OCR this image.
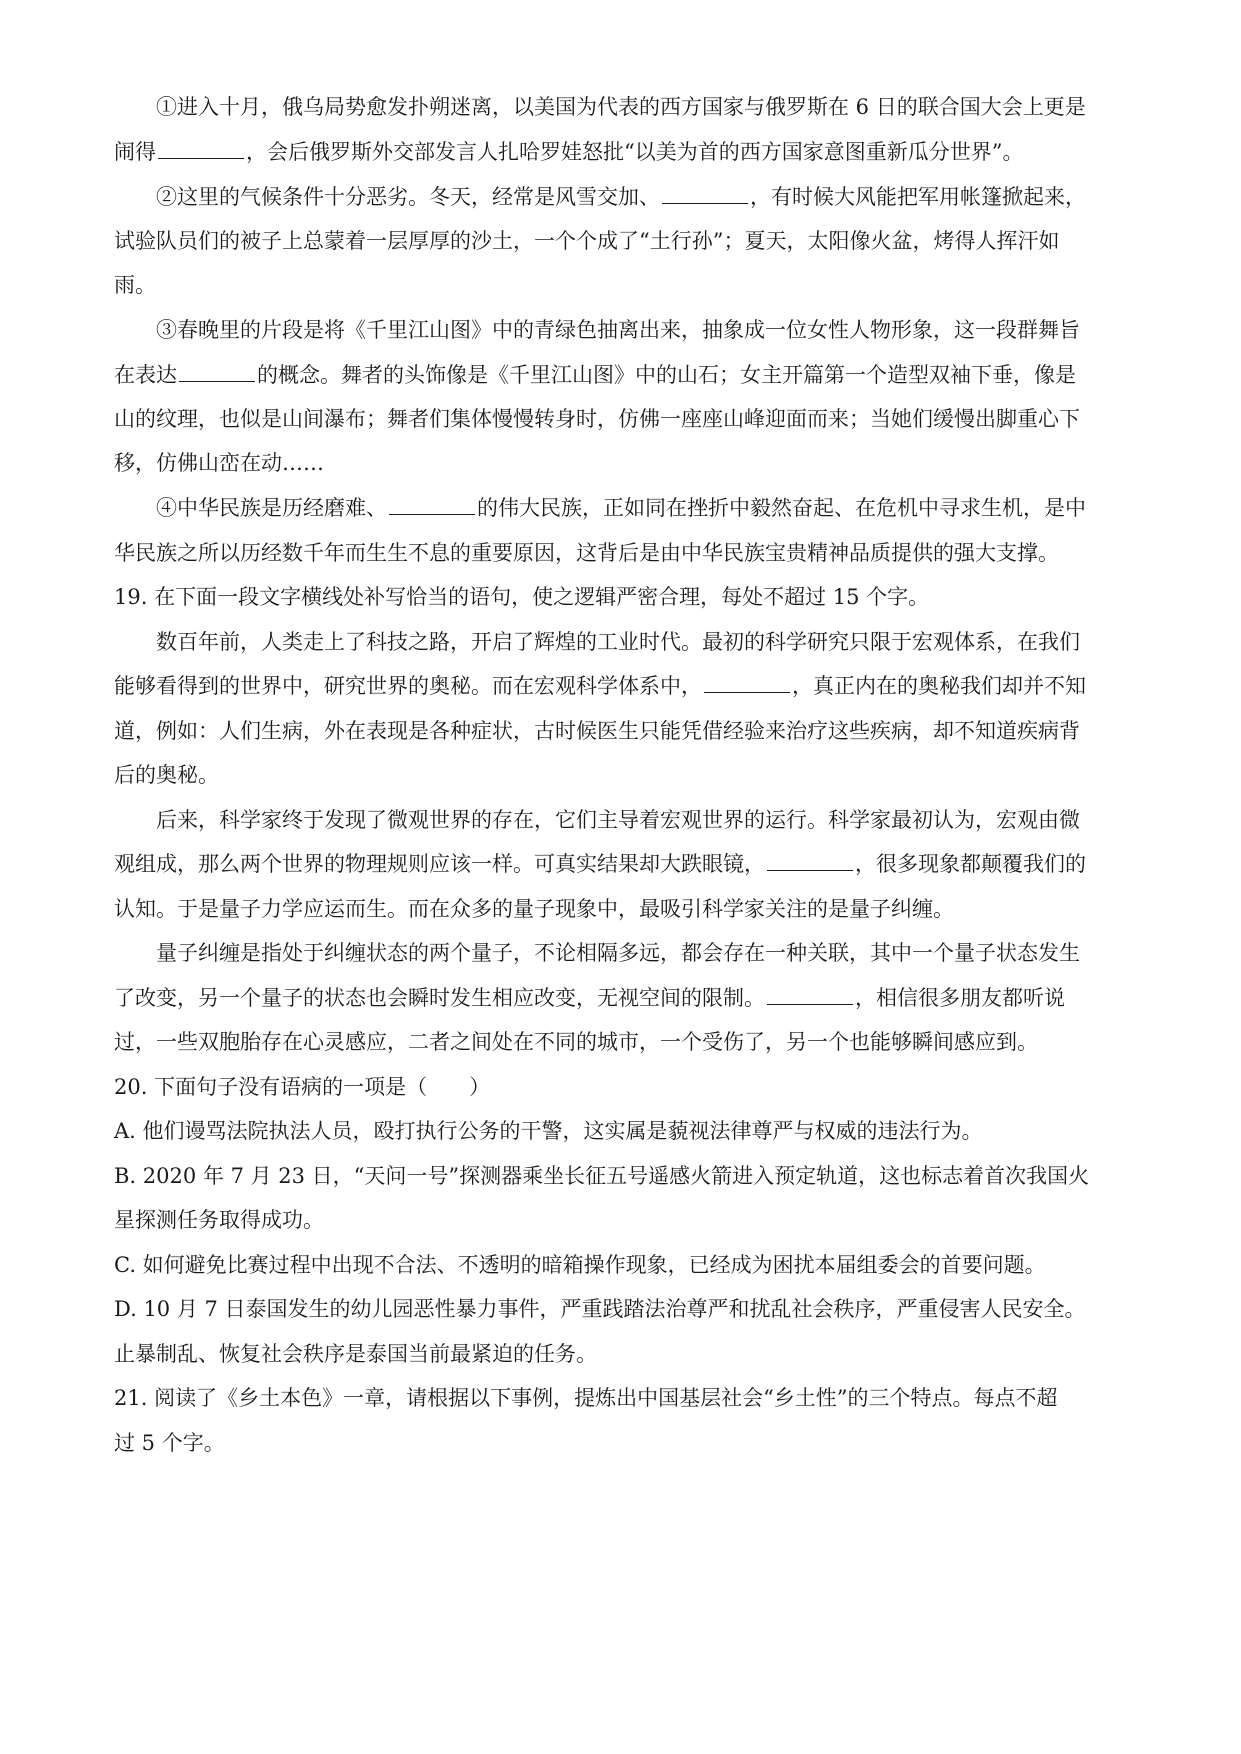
①进入十月，俄乌局势愈发扑朔迷离，以美国为代表的西方国家与俄罗斯在 6 日的联合国大会上更是
闹得	，会后俄罗斯外交部发言人扎哈罗娃怒批“以美为首的西方国家意图重新瓜分世界”。
②这里的气候条件十分恶劣。冬天，经常是风雪交加、	，有时候大风能把军用帐篷掀起来，
试验队员们的被子上总蒙着一层厚厚的沙土，一个个成了“土行孙”；夏天，太阳像火盆，烤得人挥汗如
雨。
③春晚里的片段是将《千里江山图》中的青绿色抽离出来，抽象成一位女性人物形象，这一段群舞旨
在表达	的概念。舞者的头饰像是《千里江山图》中的山石；女主开篇第一个造型双袖下垂，像是
山的纹理，也似是山间瀑布；舞者们集体慢慢转身时，仿佛一座座山峰迎面而来；当她们缓慢出脚重心下
移，仿佛山峦在动……
④中华民族是历经磨难、	的伟大民族，正如同在挫折中毅然奋起、在危机中寻求生机，是中
华民族之所以历经数千年而生生不息的重要原因，这背后是由中华民族宝贵精神品质提供的强大支撑。
19. 在下面一段文字横线处补写恰当的语句，使之逻辑严密合理，每处不超过 15 个字。
数百年前，人类走上了科技之路，开启了辉煌的工业时代。最初的科学研究只限于宏观体系，在我们
能够看得到的世界中，研究世界的奥秘。而在宏观科学体系中，	，真正内在的奥秘我们却并不知
道，例如：人们生病，外在表现是各种症状，古时候医生只能凭借经验来治疗这些疾病，却不知道疾病背
后的奥秘。
后来，科学家终于发现了微观世界的存在，它们主导着宏观世界的运行。科学家最初认为，宏观由微
观组成，那么两个世界的物理规则应该一样。可真实结果却大跌眼镜，	，很多现象都颠覆我们的
认知。于是量子力学应运而生。而在众多的量子现象中，最吸引科学家关注的是量子纠缠。
量子纠缠是指处于纠缠状态的两个量子，不论相隔多远，都会存在一种关联，其中一个量子状态发生
了改变，另一个量子的状态也会瞬时发生相应改变，无视空间的限制。	，相信很多朋友都听说
过，一些双胞胎存在心灵感应，二者之间处在不同的城市，一个受伤了，另一个也能够瞬间感应到。
20. 下面句子没有语病的一项是（　　）
A. 他们谩骂法院执法人员，殴打执行公务的干警，这实属是藐视法律尊严与权威的违法行为。
B. 2020 年 7 月 23 日，“天问一号”探测器乘坐长征五号遥感火箭进入预定轨道，这也标志着首次我国火
星探测任务取得成功。
C. 如何避免比赛过程中出现不合法、不透明的暗箱操作现象，已经成为困扰本届组委会的首要问题。
D. 10 月 7 日泰国发生的幼儿园恶性暴力事件，严重践踏法治尊严和扰乱社会秩序，严重侵害人民安全。
止暴制乱、恢复社会秩序是泰国当前最紧迫的任务。
21. 阅读了《乡土本色》一章，请根据以下事例，提炼出中国基层社会“乡土性”的三个特点。每点不超
过 5 个字。
